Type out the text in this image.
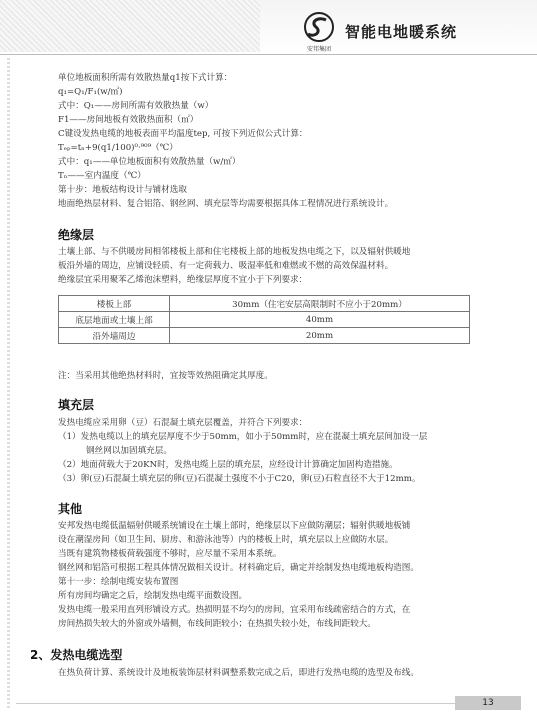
安邦集团
智能电地暖系统
单位地板面积所需有效散热量q1按下式计算：
q₁=Q₁/F₁(w/㎡)
式中：Q₁——房间所需有效散热量（w）
F1——房间地板有效散热面积（㎡）
C键设发热电缆的地板表面平均温度tep, 可按下列近似公式计算：
Tₑₚ=tₙ+9(q1/100)⁰·⁹⁰⁹（℃）
式中：q₁——单位地板面积有效散热量（w/㎡）
Tₙ——室内温度（℃）
第十步：地板结构设计与铺材选取
地面绝热层材料、复合铝箔、钢丝网、填充层等均需要根据具体工程情况进行系统设计。
绝缘层
土壤上部、与不供暖房间相邻楼板上部和住宅楼板上部的地板发热电缆之下，以及辐射供暖地
板沿外墙的周边，应铺设轻质、有一定荷载力、吸湿率低和难燃或不燃的高效保温材料。
绝缘层宜采用聚苯乙烯泡沫塑料，绝缘层厚度不宜小于下列要求：
楼板上部	30mm（住宅安层高限制时不应小于20mm）
底层地面或土壤上部	40mm
沿外墙周边	20mm
注：当采用其他绝热材料时，宜按等效热阻确定其厚度。
填充层
发热电缆应采用卵（豆）石混凝土填充层覆盖，并符合下列要求：
（1）发热电缆以上的填充层厚度不少于50mm，如小于50mm时，应在混凝土填充层间加设一层
钢丝网以加固填充层。
（2）地面荷载大于20KN时，发热电缆上层的填充层，应经设计计算确定加固构造措施。
（3）卵(豆)石混凝土填充层的卵(豆)石混凝土强度不小于C20，卵(豆)石粒直径不大于12mm。
其他
安邦发热电缆低温辐射供暖系统铺设在土壤上部时，绝缘层以下应做防潮层；辐射供暖地板铺
设在潮湿房间（如卫生间、厨房、和游泳池等）内的楼板上时，填充层以上应做防水层。
当既有建筑物楼板荷载强度不够时，应尽量不采用本系统。
钢丝网和铝箔可根据工程具体情况做相关设计。材料确定后，确定并绘制发热电缆地板构造图。
第十一步：绘制电缆安装布置图
所有房间均确定之后，绘制发热电缆平面数设图。
发热电缆一般采用直列形铺设方式。热损明显不均匀的房间，宜采用布线疏密结合的方式，在
房间热损失较大的外窗或外墙侧，布线间距较小；在热损失较小处，布线间距较大。
2、发热电缆选型
在热负荷计算、系统设计及地板装饰层材料调整系数完成之后，即进行发热电缆的选型及布线。
13
